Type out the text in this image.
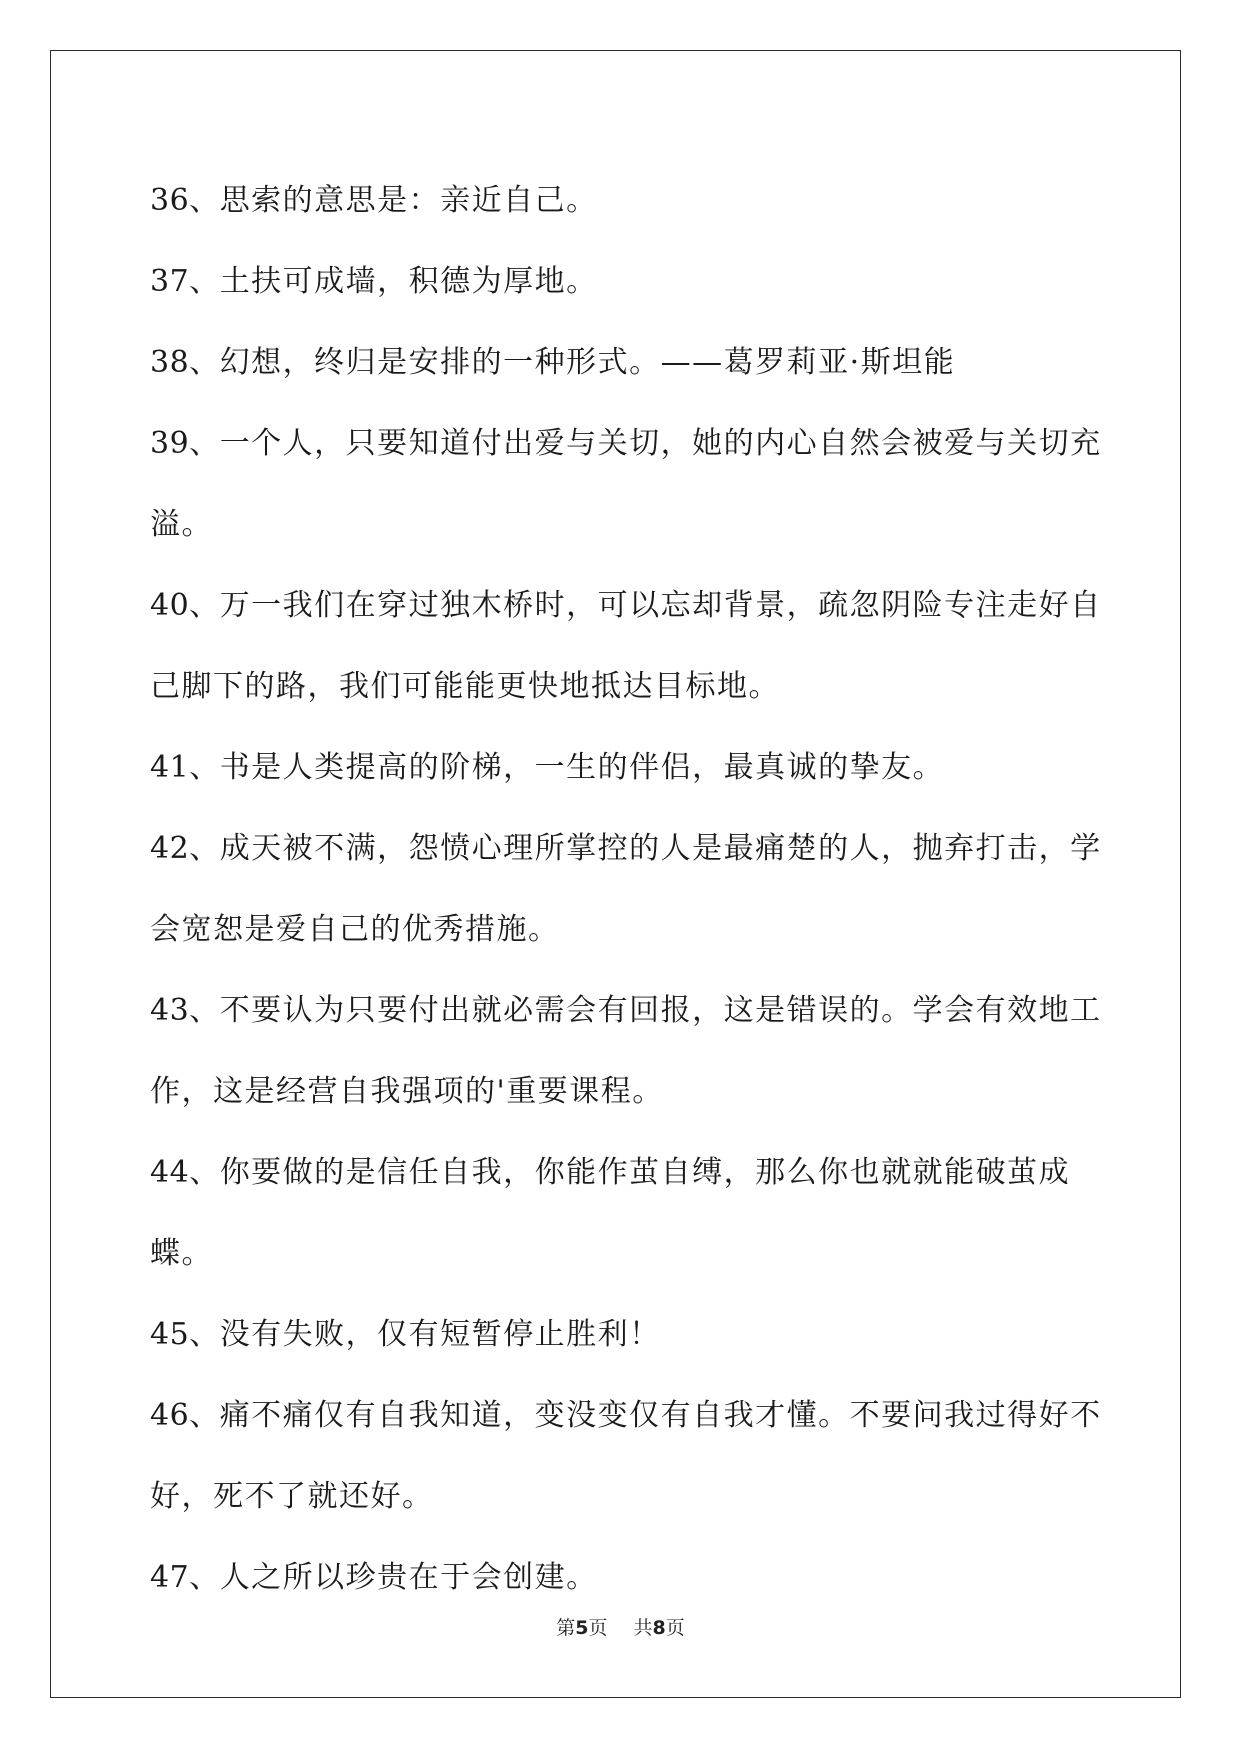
36、思索的意思是：亲近自己。

37、土扶可成墙，积德为厚地。

38、幻想，终归是安排的一种形式。——葛罗莉亚·斯坦能

39、一个人，只要知道付出爱与关切，她的内心自然会被爱与关切充溢。

40、万一我们在穿过独木桥时，可以忘却背景，疏忽阴险专注走好自己脚下的路，我们可能能更快地抵达目标地。

41、书是人类提高的阶梯，一生的伴侣，最真诚的挚友。

42、成天被不满，怨愤心理所掌控的人是最痛楚的人，抛弃打击，学会宽恕是爱自己的优秀措施。

43、不要认为只要付出就必需会有回报，这是错误的。学会有效地工作，这是经营自我强项的'重要课程。

44、你要做的是信任自我，你能作茧自缚，那么你也就就能破茧成蝶。

45、没有失败，仅有短暂停止胜利！

46、痛不痛仅有自我知道，变没变仅有自我才懂。不要问我过得好不好，死不了就还好。

47、人之所以珍贵在于会创建。

第5页 共8页
